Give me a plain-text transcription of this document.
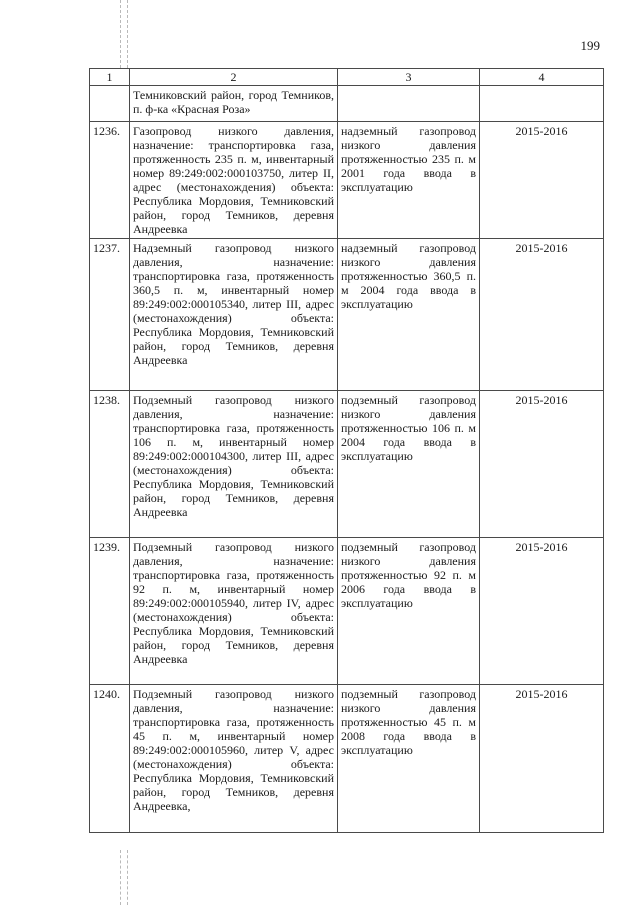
199
1	2	3	4
	Темниковский район, город Темников, п. ф-ка «Красная Роза»		
1236.	Газопровод низкого давления, назначение: транспортировка газа, протяженность 235 п. м, инвентарный номер 89:249:002:000103750, литер II, адрес (местонахождения) объекта: Республика Мордовия, Темниковский район, город Темников, деревня Андреевка	надземный газопровод низкого давления протяженностью 235 п. м 2001 года ввода в эксплуатацию	2015-2016
1237.	Надземный газопровод низкого давления, назначение: транспортировка газа, протяженность 360,5 п. м, инвентарный номер 89:249:002:000105340, литер III, адрес (местонахождения) объекта: Республика Мордовия, Темниковский район, город Темников, деревня Андреевка	надземный газопровод низкого давления протяженностью 360,5 п. м 2004 года ввода в эксплуатацию	2015-2016
1238.	Подземный газопровод низкого давления, назначение: транспортировка газа, протяженность 106 п. м, инвентарный номер 89:249:002:000104300, литер III, адрес (местонахождения) объекта: Республика Мордовия, Темниковский район, город Темников, деревня Андреевка	подземный газопровод низкого давления протяженностью 106 п. м 2004 года ввода в эксплуатацию	2015-2016
1239.	Подземный газопровод низкого давления, назначение: транспортировка газа, протяженность 92 п. м, инвентарный номер 89:249:002:000105940, литер IV, адрес (местонахождения) объекта: Республика Мордовия, Темниковский район, город Темников, деревня Андреевка	подземный газопровод низкого давления протяженностью 92 п. м 2006 года ввода в эксплуатацию	2015-2016
1240.	Подземный газопровод низкого давления, назначение: транспортировка газа, протяженность 45 п. м, инвентарный номер 89:249:002:000105960, литер V, адрес (местонахождения) объекта: Республика Мордовия, Темниковский район, город Темников, деревня Андреевка,	подземный газопровод низкого давления протяженностью 45 п. м 2008 года ввода в эксплуатацию	2015-2016
